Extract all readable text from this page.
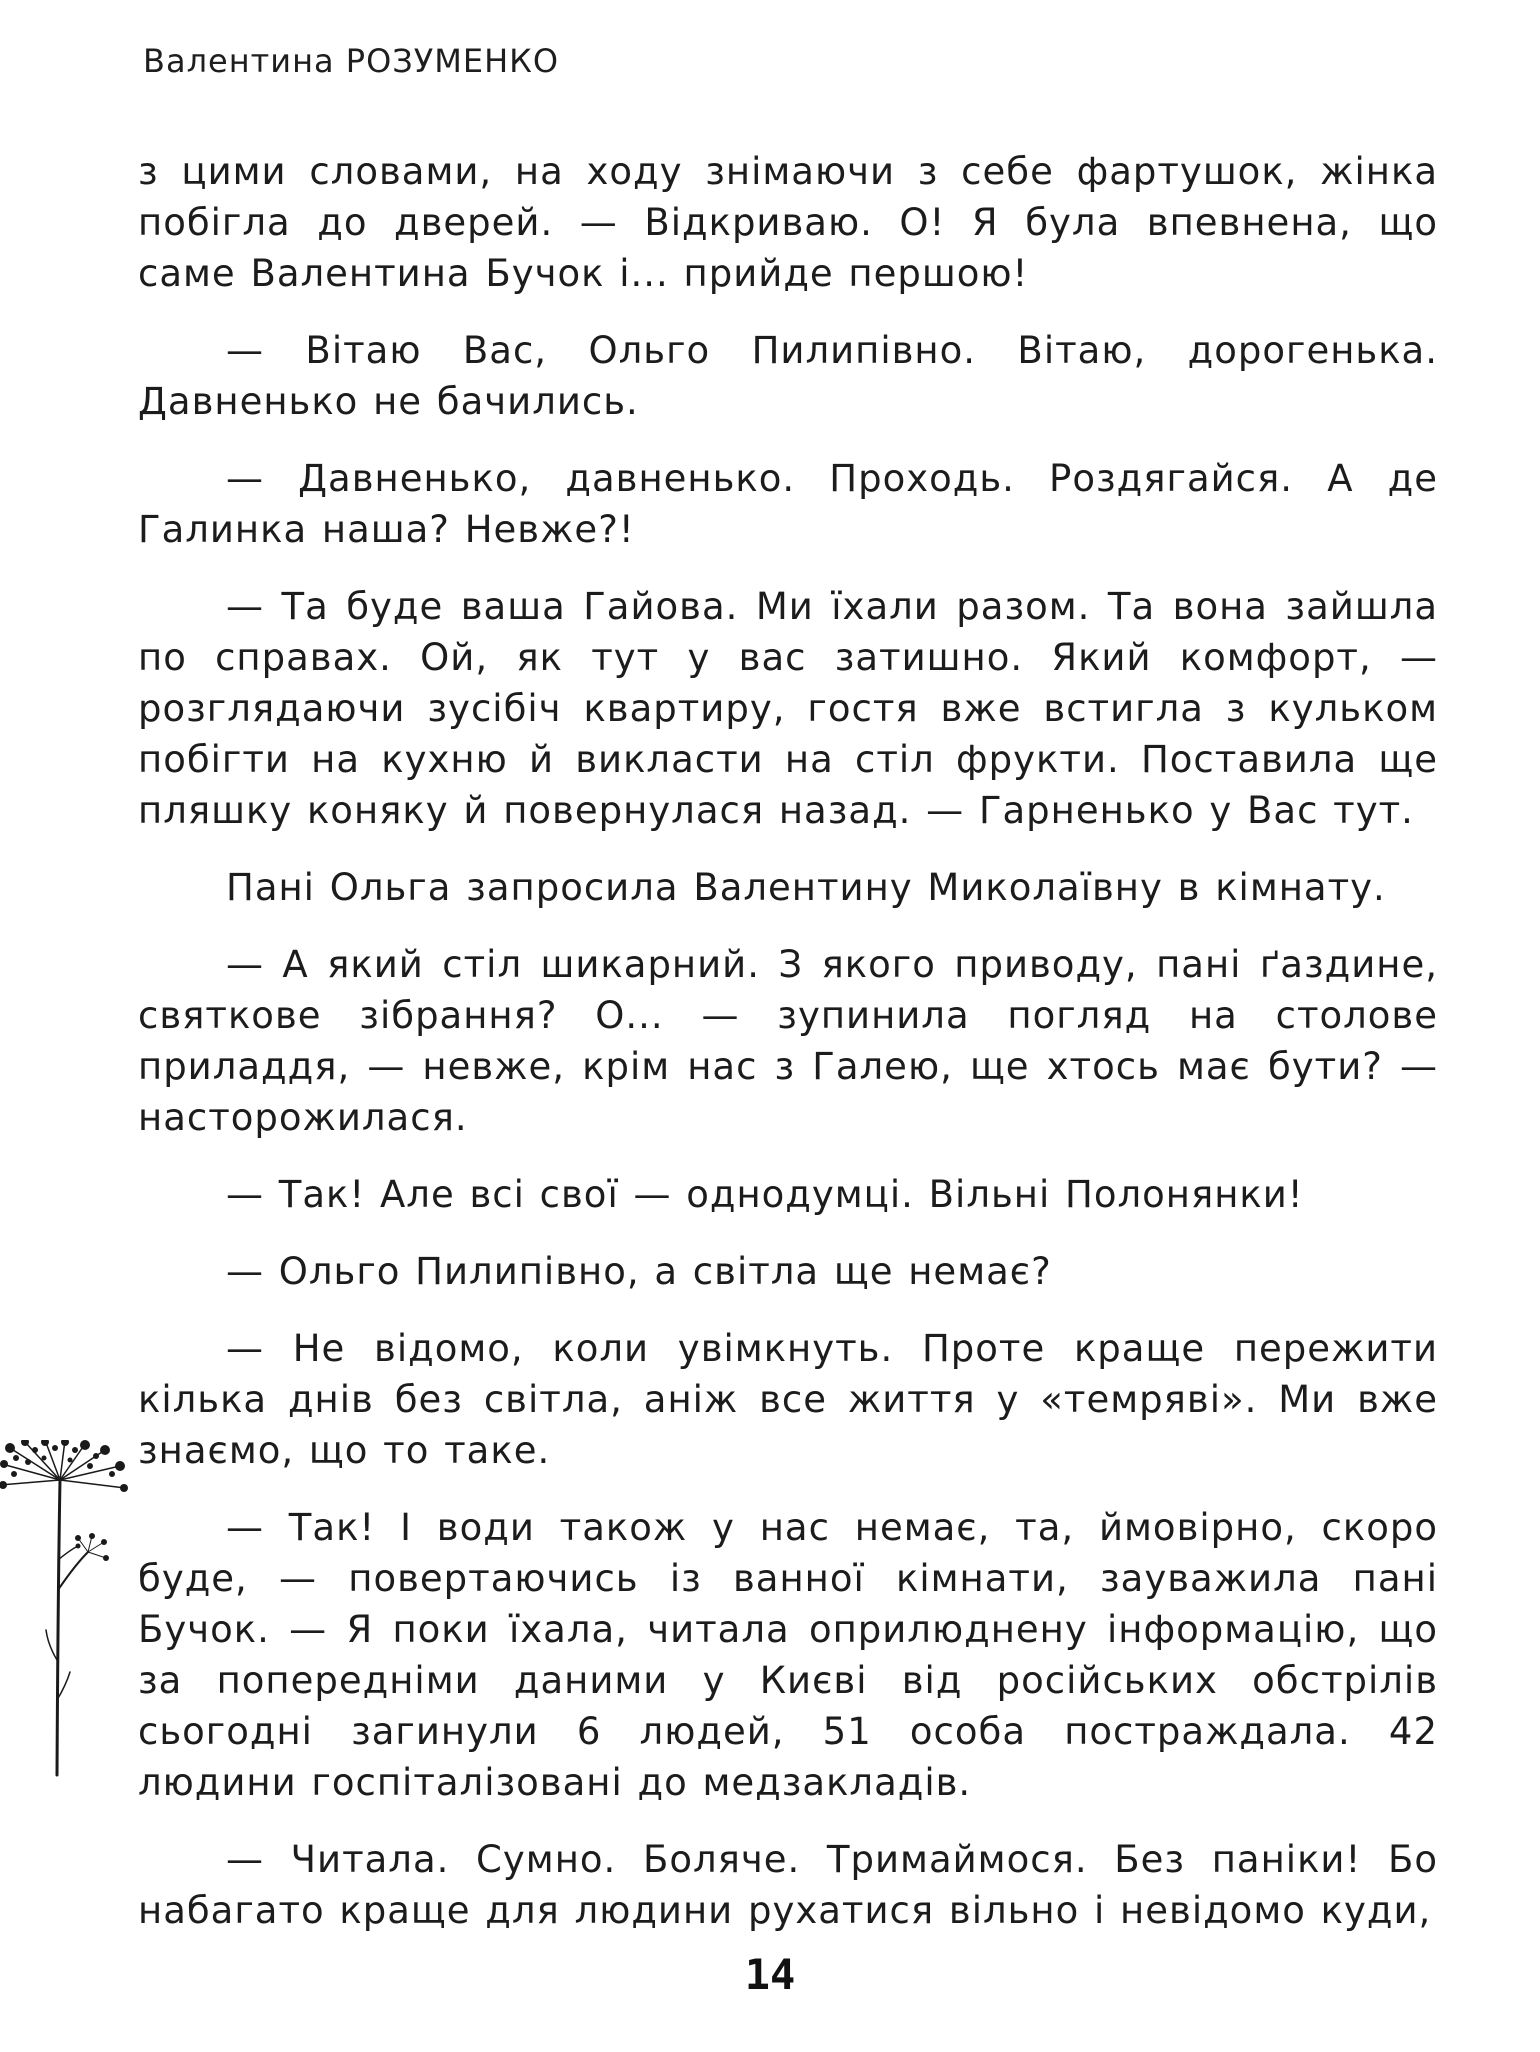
Валентина РОЗУМЕНКО

з цими словами, на ходу знімаючи з себе фартушок, жінка побігла до дверей. — Відкриваю. О! Я була впевнена, що саме Валентина Бучок і... прийде першою!

— Вітаю Вас, Ольго Пилипівно. Вітаю, дорогенька. Давненько не бачились.

— Давненько, давненько. Проходь. Роздягайся. А де Галинка наша? Невже?!

— Та буде ваша Гайова. Ми їхали разом. Та вона зайшла по справах. Ой, як тут у вас затишно. Який комфорт, — розглядаючи зусібіч квартиру, гостя вже встигла з кульком побігти на кухню й викласти на стіл фрукти. Поставила ще пляшку коняку й повернулася назад. — Гарненько у Вас тут.

Пані Ольга запросила Валентину Миколаївну в кімнату.

— А який стіл шикарний. З якого приводу, пані ґаздине, святкове зібрання? О... — зупинила погляд на столове приладдя, — невже, крім нас з Галею, ще хтось має бути? — насторожилася.

— Так! Але всі свої — однодумці. Вільні Полонянки!

— Ольго Пилипівно, а світла ще немає?

— Не відомо, коли увімкнуть. Проте краще пережити кілька днів без світла, аніж все життя у «темряві». Ми вже знаємо, що то таке.

— Так! І води також у нас немає, та, ймовірно, скоро буде, — повертаючись із ванної кімнати, зауважила пані Бучок. — Я поки їхала, читала оприлюднену інформацію, що за попередніми даними у Києві від російських обстрілів сьогодні загинули 6 людей, 51 особа постраждала. 42 людини госпіталізовані до медзакладів.

— Читала. Сумно. Боляче. Тримаймося. Без паніки! Бо набагато краще для людини рухатися вільно і невідомо куди,

14
